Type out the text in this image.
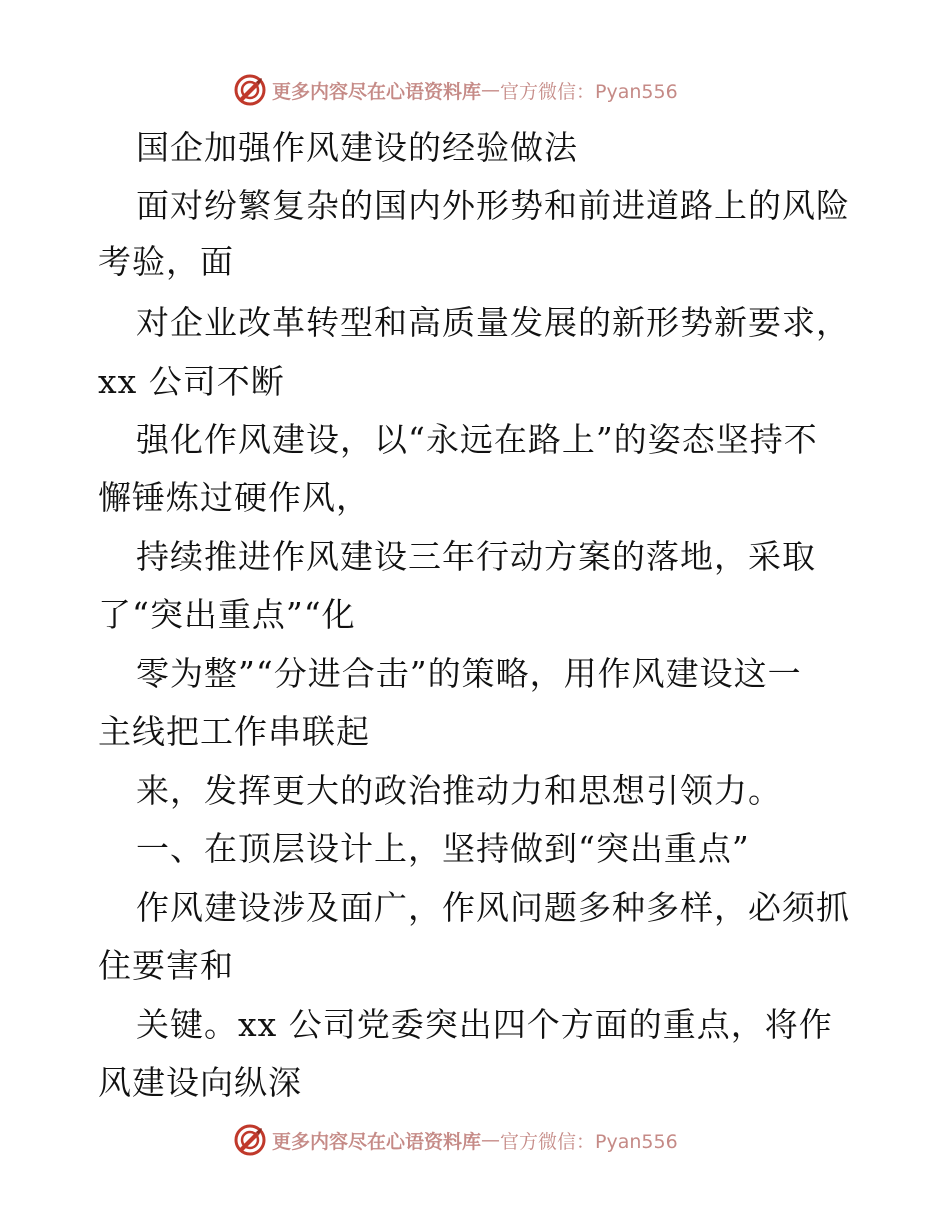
更多内容尽在心语资料库 — 官方微信：Pyan556
国企加强作风建设的经验做法
面对纷繁复杂的国内外形势和前进道路上的风险
考验，面
对企业改革转型和高质量发展的新形势新要求，
xx 公司不断
强化作风建设，以“永远在路上”的姿态坚持不
懈锤炼过硬作风，
持续推进作风建设三年行动方案的落地，采取
了“突出重点”“化
零为整”“分进合击”的策略，用作风建设这一
主线把工作串联起
来，发挥更大的政治推动力和思想引领力。
一、在顶层设计上，坚持做到“突出重点”
作风建设涉及面广，作风问题多种多样，必须抓
住要害和
关键。xx 公司党委突出四个方面的重点，将作
风建设向纵深
更多内容尽在心语资料库 — 官方微信：Pyan556
